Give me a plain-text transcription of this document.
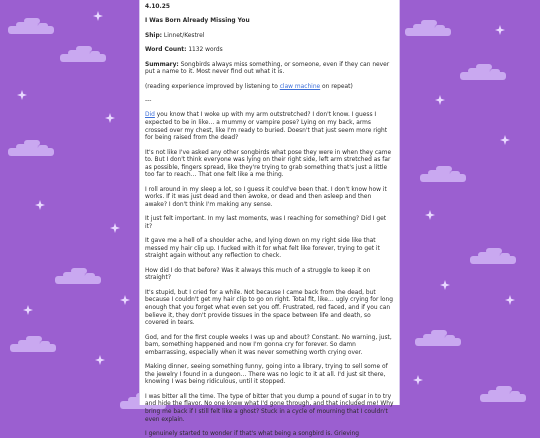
4.10.25

I Was Born Already Missing You

Ship: Linnet/Kestrel

Word Count: 1132 words

Summary: Songbirds always miss something, or someone, even if they can never put a name to it. Most never find out what it is.

(reading experience improved by listening to claw machine on repeat)

---

Did you know that I woke up with my arm outstretched? I don't know. I guess I expected to be in like… a mummy or vampire pose? Lying on my back, arms crossed over my chest, like I'm ready to buried. Doesn't that just seem more right for being raised from the dead?

It's not like I've asked any other songbirds what pose they were in when they came to. But I don't think everyone was lying on their right side, left arm stretched as far as possible, fingers spread, like they're trying to grab something that's just a little too far to reach… That one felt like a me thing.

I roll around in my sleep a lot, so I guess it could've been that. I don't know how it works. If it was just dead and then awoke, or dead and then asleep and then awake? I don't think I'm making any sense.

It just felt important. In my last moments, was I reaching for something? Did I get it?

It gave me a hell of a shoulder ache, and lying down on my right side like that messed my hair clip up. I fucked with it for what felt like forever, trying to get it straight again without any reflection to check.

How did I do that before? Was it always this much of a struggle to keep it on straight?

It's stupid, but I cried for a while. Not because I came back from the dead, but because I couldn't get my hair clip to go on right. Total fit, like… ugly crying for long enough that you forget what even set you off. Frustrated, red faced, and if you can believe it, they don't provide tissues in the space between life and death, so covered in tears.

God, and for the first couple weeks I was up and about? Constant. No warning, just, bam, something happened and now I'm gonna cry for forever. So damn embarrassing, especially when it was never something worth crying over.

Making dinner, seeing something funny, going into a library, trying to sell some of the jewelry I found in a dungeon… There was no logic to it at all. I'd just sit there, knowing I was being ridiculous, until it stopped.

I was bitter all the time. The type of bitter that you dump a pound of sugar in to try and hide the flavor. No one knew what I'd gone through, and that included me! Why bring me back if I still felt like a ghost? Stuck in a cycle of mourning that I couldn't even explain.

I genuinely started to wonder if that's what being a songbird is. Grieving
